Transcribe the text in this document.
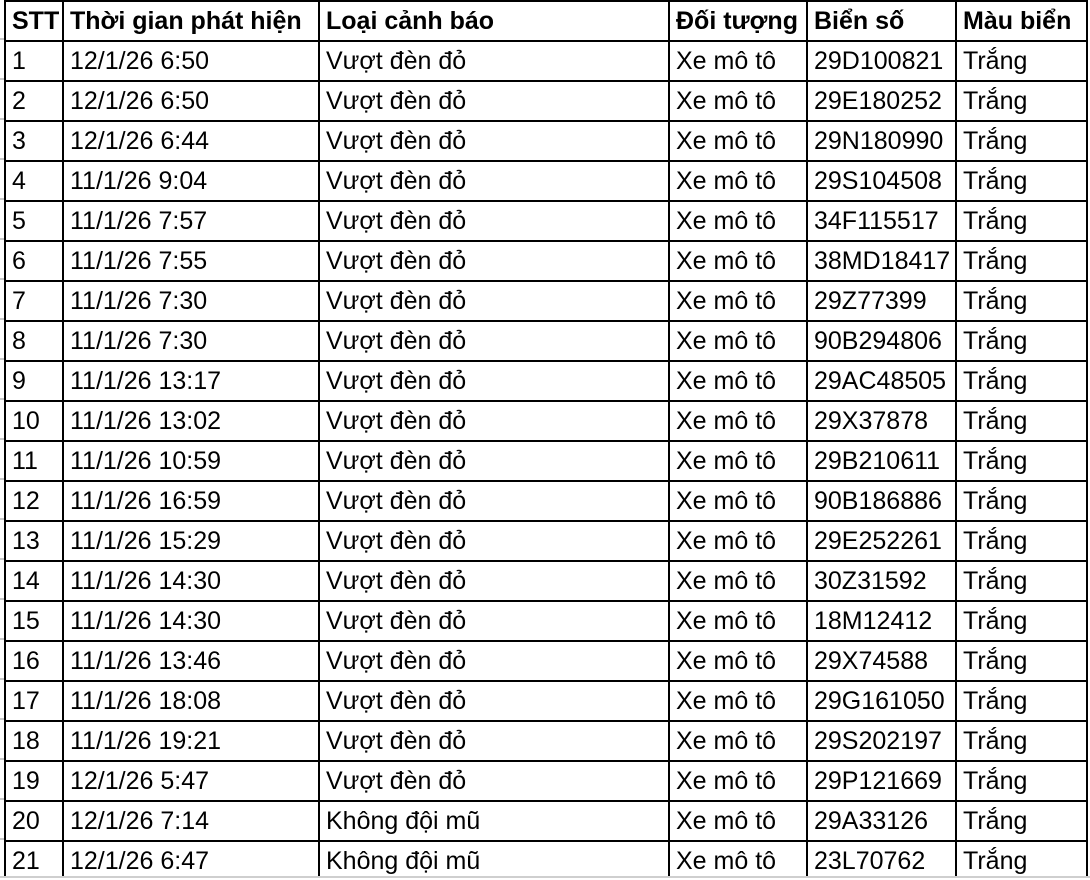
STT	Thời gian phát hiện	Loại cảnh báo	Đối tượng	Biển số	Màu biển
1	12/1/26 6:50	Vượt đèn đỏ	Xe mô tô	29D100821	Trắng
2	12/1/26 6:50	Vượt đèn đỏ	Xe mô tô	29E180252	Trắng
3	12/1/26 6:44	Vượt đèn đỏ	Xe mô tô	29N180990	Trắng
4	11/1/26 9:04	Vượt đèn đỏ	Xe mô tô	29S104508	Trắng
5	11/1/26 7:57	Vượt đèn đỏ	Xe mô tô	34F115517	Trắng
6	11/1/26 7:55	Vượt đèn đỏ	Xe mô tô	38MD18417	Trắng
7	11/1/26 7:30	Vượt đèn đỏ	Xe mô tô	29Z77399	Trắng
8	11/1/26 7:30	Vượt đèn đỏ	Xe mô tô	90B294806	Trắng
9	11/1/26 13:17	Vượt đèn đỏ	Xe mô tô	29AC48505	Trắng
10	11/1/26 13:02	Vượt đèn đỏ	Xe mô tô	29X37878	Trắng
11	11/1/26 10:59	Vượt đèn đỏ	Xe mô tô	29B210611	Trắng
12	11/1/26 16:59	Vượt đèn đỏ	Xe mô tô	90B186886	Trắng
13	11/1/26 15:29	Vượt đèn đỏ	Xe mô tô	29E252261	Trắng
14	11/1/26 14:30	Vượt đèn đỏ	Xe mô tô	30Z31592	Trắng
15	11/1/26 14:30	Vượt đèn đỏ	Xe mô tô	18M12412	Trắng
16	11/1/26 13:46	Vượt đèn đỏ	Xe mô tô	29X74588	Trắng
17	11/1/26 18:08	Vượt đèn đỏ	Xe mô tô	29G161050	Trắng
18	11/1/26 19:21	Vượt đèn đỏ	Xe mô tô	29S202197	Trắng
19	12/1/26 5:47	Vượt đèn đỏ	Xe mô tô	29P121669	Trắng
20	12/1/26 7:14	Không đội mũ	Xe mô tô	29A33126	Trắng
21	12/1/26 6:47	Không đội mũ	Xe mô tô	23L70762	Trắng
